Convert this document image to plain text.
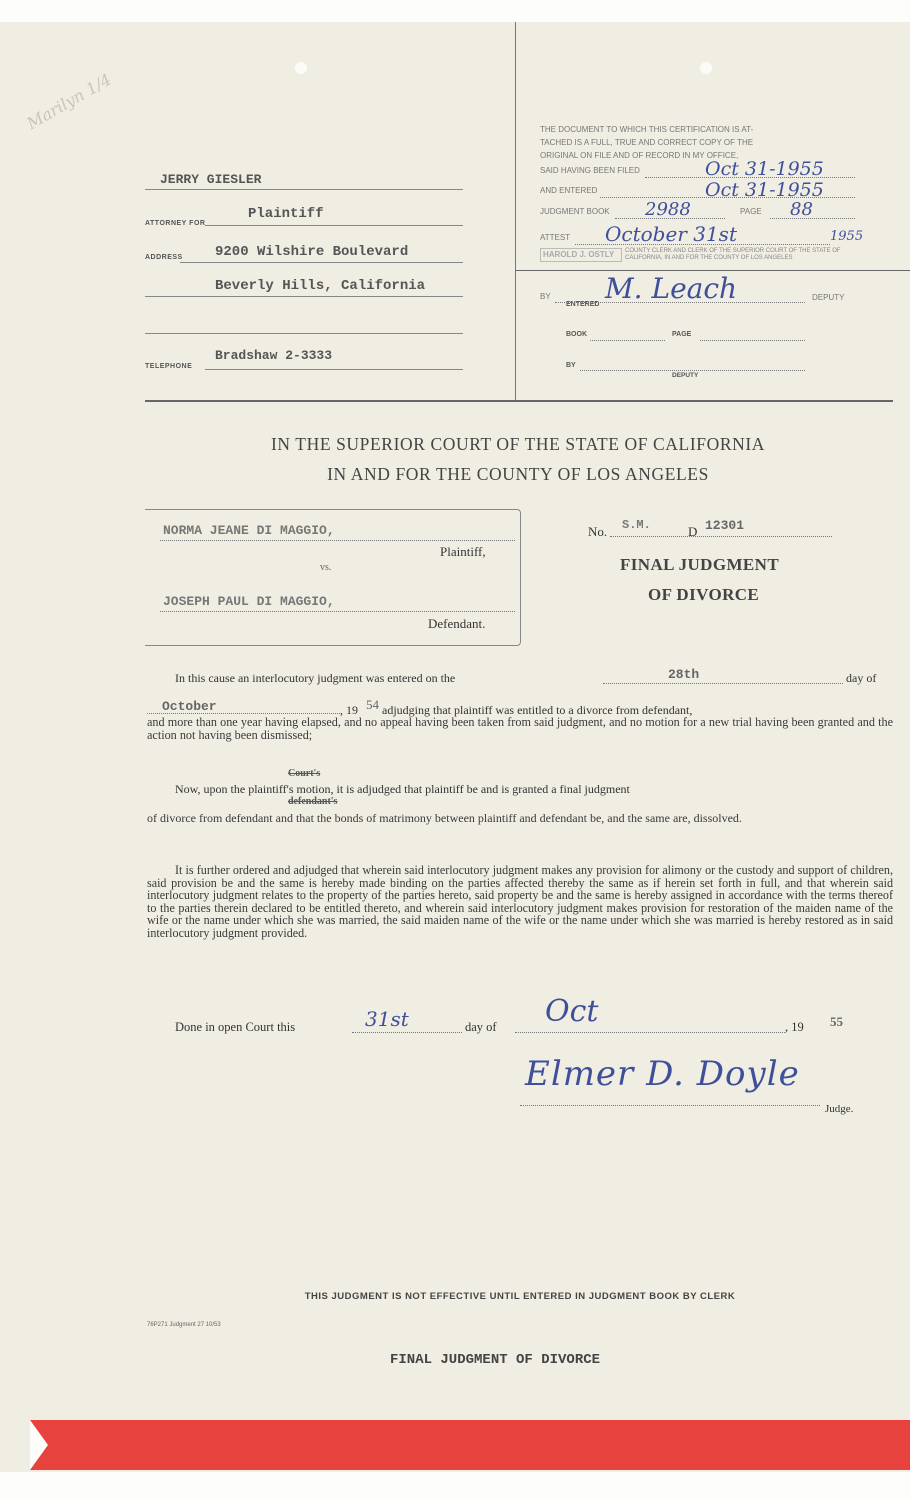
Marilyn 1/4
JERRY GIESLER
ATTORNEY FOR
Plaintiff
ADDRESS 9200 Wilshire Boulevard
Beverly Hills, California
TELEPHONE
Bradshaw 2-3333
THE DOCUMENT TO WHICH THIS CERTIFICATION IS AT-
TACHED IS A FULL, TRUE AND CORRECT COPY OF THE
ORIGINAL ON FILE AND OF RECORD IN MY OFFICE,
SAID HAVING BEEN FILED	Oct 31-1955
AND ENTERED	Oct 31-1955
JUDGMENT BOOK 2988	PAGE 88
ATTEST October 31st	1955
HAROLD J. OSTLY	COUNTY CLERK AND CLERK OF THE SUPERIOR COURT OF THE STATE OF CALIFORNIA, IN AND FOR THE COUNTY OF LOS ANGELES
BY
ENTERED M. Leach	DEPUTY
BOOK	PAGE
BY
DEPUTY
IN THE SUPERIOR COURT OF THE STATE OF CALIFORNIA
IN AND FOR THE COUNTY OF LOS ANGELES
NORMA JEANE DI MAGGIO,
Plaintiff,
vs.
JOSEPH PAUL DI MAGGIO,
Defendant.
No. S.M.	D 12301
FINAL JUDGMENT
OF DIVORCE
In this cause an interlocutory judgment was entered on the	28th	day of
October	, 19 54 adjudging that plaintiff was entitled to a divorce from defendant,
and more than one year having elapsed, and no appeal having been taken from said judgment, and no motion for a new trial having been granted and the action not having been dismissed;
Court's
Now, upon the plaintiff's motion, it is adjudged that plaintiff be and is granted a final judgment
defendant's
of divorce from defendant and that the bonds of matrimony between plaintiff and defendant be, and the same are, dissolved.
It is further ordered and adjudged that wherein said interlocutory judgment makes any provision for alimony or the custody and support of children, said provision be and the same is hereby made binding on the parties affected thereby the same as if herein set forth in full, and that wherein said interlocutory judgment relates to the property of the parties hereto, said property be and the same is hereby assigned in accordance with the terms thereof to the parties therein declared to be entitled thereto, and wherein said interlocutory judgment makes provision for restoration of the maiden name of the wife or the name under which she was married, the said maiden name of the wife or the name under which she was married is hereby restored as in said interlocutory judgment provided.
Done in open Court this	31st	day of Oct	, 19 55
Elmer D. Doyle
Judge.
THIS JUDGMENT IS NOT EFFECTIVE UNTIL ENTERED IN JUDGMENT BOOK BY CLERK
76P271 Judgment 27 10/53
FINAL JUDGMENT OF DIVORCE
